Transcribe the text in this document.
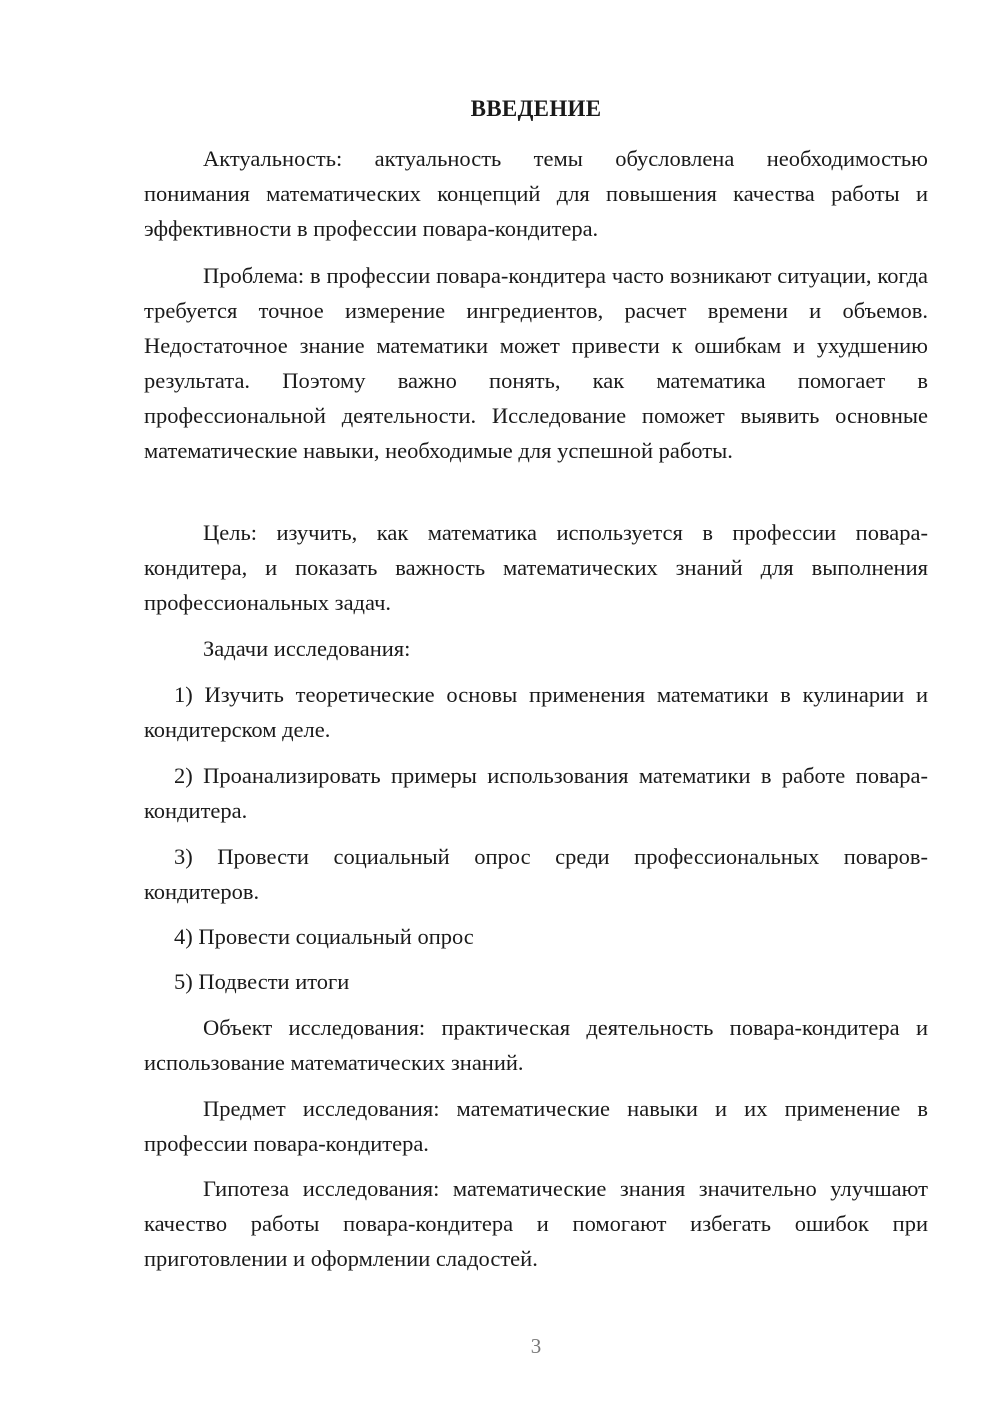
ВВЕДЕНИЕ

Актуальность: актуальность темы обусловлена необходимостью понимания математических концепций для повышения качества работы и эффективности в профессии повара-кондитера.

Проблема: в профессии повара-кондитера часто возникают ситуации, когда требуется точное измерение ингредиентов, расчет времени и объемов. Недостаточное знание математики может привести к ошибкам и ухудшению результата. Поэтому важно понять, как математика помогает в профессиональной деятельности. Исследование поможет выявить основные математические навыки, необходимые для успешной работы.

Цель: изучить, как математика используется в профессии повара-кондитера, и показать важность математических знаний для выполнения профессиональных задач.

Задачи исследования:

1) Изучить теоретические основы применения математики в кулинарии и кондитерском деле.

2) Проанализировать примеры использования математики в работе повара-кондитера.

3) Провести социальный опрос среди профессиональных поваров-кондитеров.

4) Провести социальный опрос

5) Подвести итоги

Объект исследования: практическая деятельность повара-кондитера и использование математических знаний.

Предмет исследования: математические навыки и их применение в профессии повара-кондитера.

Гипотеза исследования: математические знания значительно улучшают качество работы повара-кондитера и помогают избегать ошибок при приготовлении и оформлении сладостей.

3
